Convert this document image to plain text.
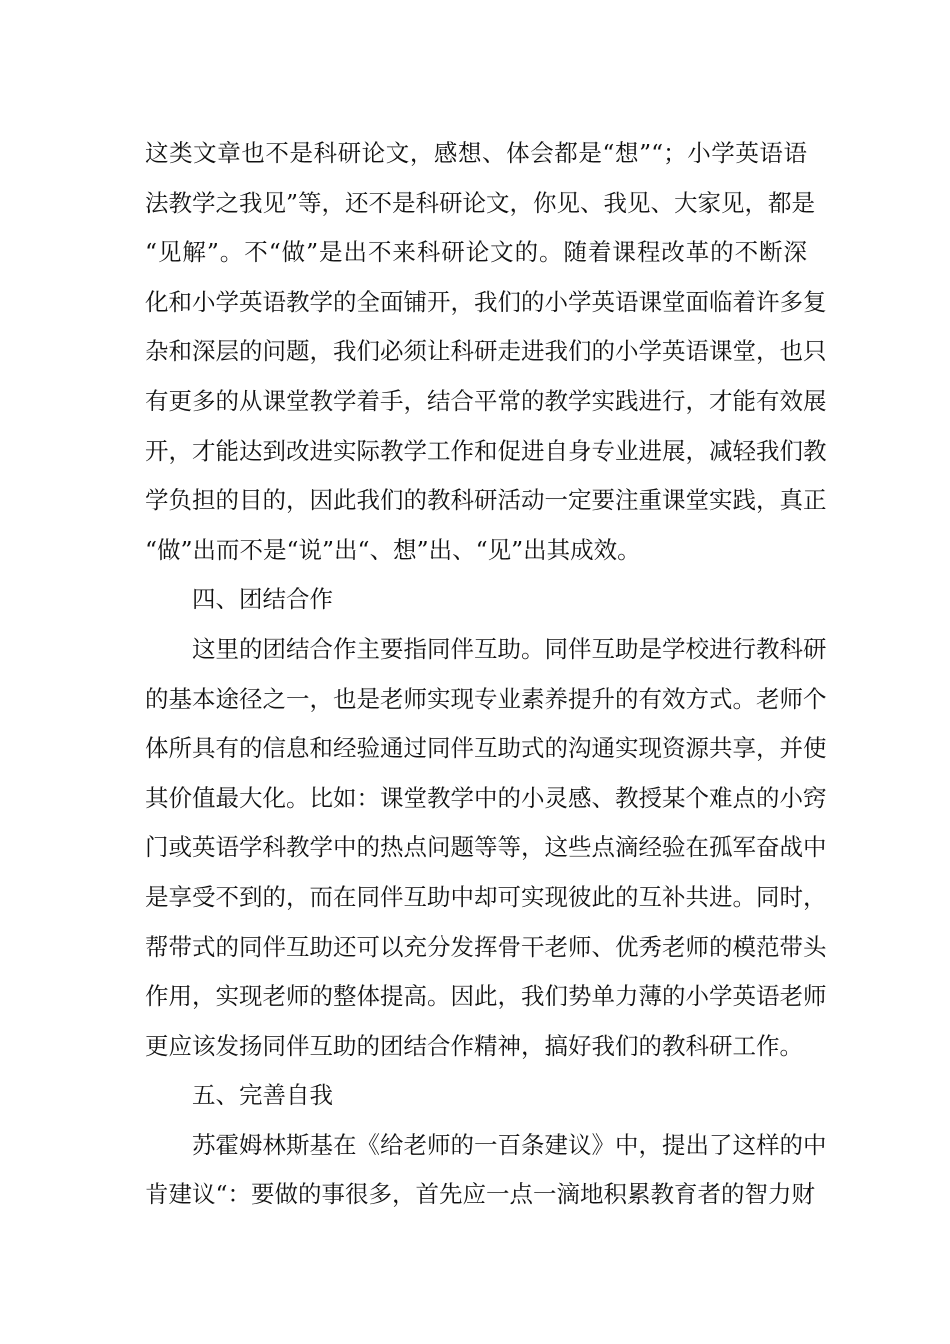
这类文章也不是科研论文，感想、体会都是“想”“；小学英语语
法教学之我见”等，还不是科研论文，你见、我见、大家见，都是
“见解”。不“做”是出不来科研论文的。随着课程改革的不断深
化和小学英语教学的全面铺开，我们的小学英语课堂面临着许多复
杂和深层的问题，我们必须让科研走进我们的小学英语课堂，也只
有更多的从课堂教学着手，结合平常的教学实践进行，才能有效展
开，才能达到改进实际教学工作和促进自身专业进展，减轻我们教
学负担的目的，因此我们的教科研活动一定要注重课堂实践，真正
“做”出而不是“说”出“、想”出、“见”出其成效。
四、团结合作
这里的团结合作主要指同伴互助。同伴互助是学校进行教科研
的基本途径之一，也是老师实现专业素养提升的有效方式。老师个
体所具有的信息和经验通过同伴互助式的沟通实现资源共享，并使
其价值最大化。比如：课堂教学中的小灵感、教授某个难点的小窍
门或英语学科教学中的热点问题等等，这些点滴经验在孤军奋战中
是享受不到的，而在同伴互助中却可实现彼此的互补共进。同时，
帮带式的同伴互助还可以充分发挥骨干老师、优秀老师的模范带头
作用，实现老师的整体提高。因此，我们势单力薄的小学英语老师
更应该发扬同伴互助的团结合作精神，搞好我们的教科研工作。
五、完善自我
苏霍姆林斯基在《给老师的一百条建议》中，提出了这样的中
肯建议“：要做的事很多，首先应一点一滴地积累教育者的智力财
